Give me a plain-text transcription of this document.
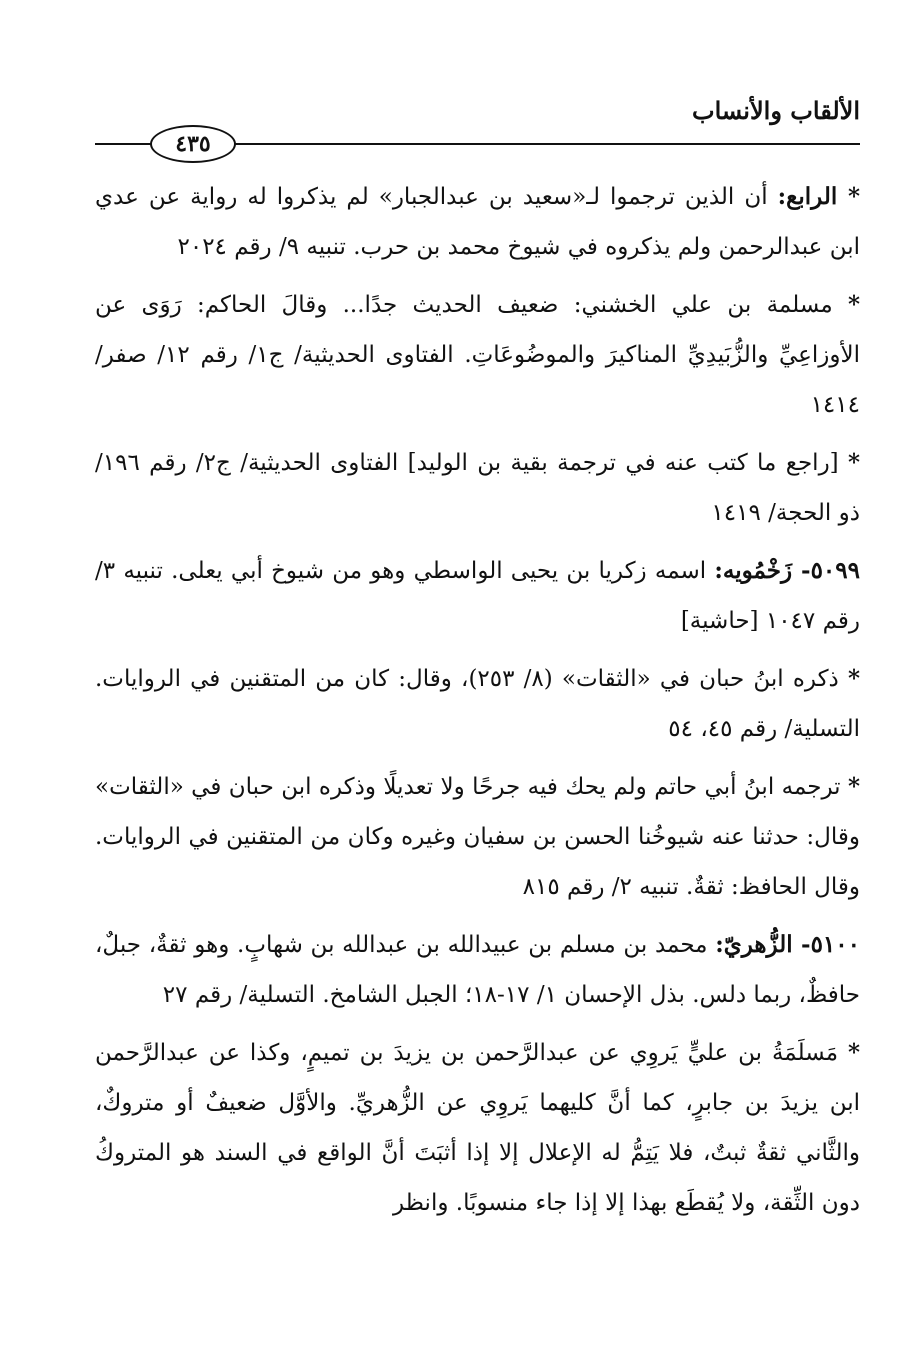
الألقاب والأنساب
٤٣٥

* الرابع: أن الذين ترجموا لـ«سعيد بن عبدالجبار» لم يذكروا له رواية عن عدي ابن عبدالرحمن ولم يذكروه في شيوخ محمد بن حرب. تنبيه ٩/ رقم ٢٠٢٤

* مسلمة بن علي الخشني: ضعيف الحديث جدًا... وقالَ الحاكم: رَوَى عن الأوزاعِيِّ والزُّبَيدِيِّ المناكيرَ والموضُوعَاتِ. الفتاوى الحديثية/ ج١/ رقم ١٢/ صفر/ ١٤١٤

* [راجع ما كتب عنه في ترجمة بقية بن الوليد] الفتاوى الحديثية/ ج٢/ رقم ١٩٦/ ذو الحجة/ ١٤١٩

٥٠٩٩- زَخْمُويه: اسمه زكريا بن يحيى الواسطي وهو من شيوخ أبي يعلى. تنبيه ٣/ رقم ١٠٤٧ [حاشية]

* ذكره ابنُ حبان في «الثقات» (٨/ ٢٥٣)، وقال: كان من المتقنين في الروايات. التسلية/ رقم ٤٥، ٥٤

* ترجمه ابنُ أبي حاتم ولم يحك فيه جرحًا ولا تعديلًا وذكره ابن حبان في «الثقات» وقال: حدثنا عنه شيوخُنا الحسن بن سفيان وغيره وكان من المتقنين في الروايات. وقال الحافظ: ثقةٌ. تنبيه ٢/ رقم ٨١٥

٥١٠٠- الزُّهريّ: محمد بن مسلم بن عبيدالله بن عبدالله بن شهابٍ. وهو ثقةٌ، جبلٌ، حافظٌ، ربما دلس. بذل الإحسان ١/ ١٧-١٨؛ الجبل الشامخ. التسلية/ رقم ٢٧

* مَسلَمَةُ بن عليٍّ يَروِي عن عبدالرَّحمن بن يزيدَ بن تميمٍ، وكذا عن عبدالرَّحمن ابن يزيدَ بن جابرٍ، كما أنَّ كليهما يَروِي عن الزُّهريِّ. والأوَّل ضعيفٌ أو متروكٌ، والثَّاني ثقةٌ ثبتٌ، فلا يَتِمُّ له الإعلال إلا إذا أثبَتَ أنَّ الواقع في السند هو المتروكُ دون الثِّقة، ولا يُقطَع بهذا إلا إذا جاء منسوبًا. وانظر
